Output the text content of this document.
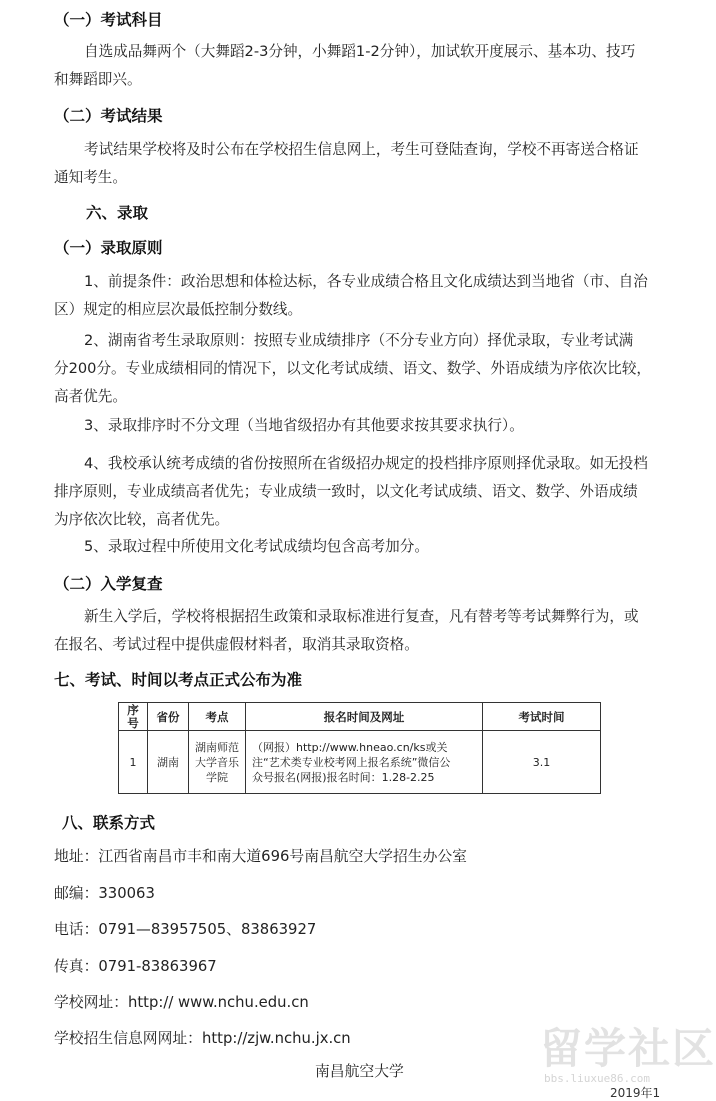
（一）考试科目
自选成品舞两个（大舞蹈2-3分钟，小舞蹈1-2分钟），加试软开度展示、基本功、技巧
和舞蹈即兴。
（二）考试结果
考试结果学校将及时公布在学校招生信息网上，考生可登陆查询，学校不再寄送合格证
通知考生。
六、录取
（一）录取原则
1、前提条件：政治思想和体检达标，各专业成绩合格且文化成绩达到当地省（市、自治
区）规定的相应层次最低控制分数线。
2、湖南省考生录取原则：按照专业成绩排序（不分专业方向）择优录取，专业考试满
分200分。专业成绩相同的情况下，以文化考试成绩、语文、数学、外语成绩为序依次比较，
高者优先。
3、录取排序时不分文理（当地省级招办有其他要求按其要求执行）。
4、我校承认统考成绩的省份按照所在省级招办规定的投档排序原则择优录取。如无投档
排序原则，专业成绩高者优先；专业成绩一致时，以文化考试成绩、语文、数学、外语成绩
为序依次比较，高者优先。
5、录取过程中所使用文化考试成绩均包含高考加分。
（二）入学复查
新生入学后，学校将根据招生政策和录取标准进行复查，凡有替考等考试舞弊行为，或
在报名、考试过程中提供虚假材料者，取消其录取资格。
七、考试、时间以考点正式公布为准
序
号	省份	考点	报名时间及网址	考试时间
1	湖南	湖南师范
大学音乐
学院	（网报）http://www.hneao.cn/ks或关
注“艺术类专业校考网上报名系统”微信公
众号报名(网报)报名时间：1.28-2.25	3.1
八、联系方式
地址：江西省南昌市丰和南大道696号南昌航空大学招生办公室
邮编：330063
电话：0791—83957505、83863927
传真：0791-83863967
学校网址：http:// www.nchu.edu.cn
学校招生信息网网址：http://zjw.nchu.jx.cn	留学社区
bbs.liuxue86.com
南昌航空大学
2019年1
